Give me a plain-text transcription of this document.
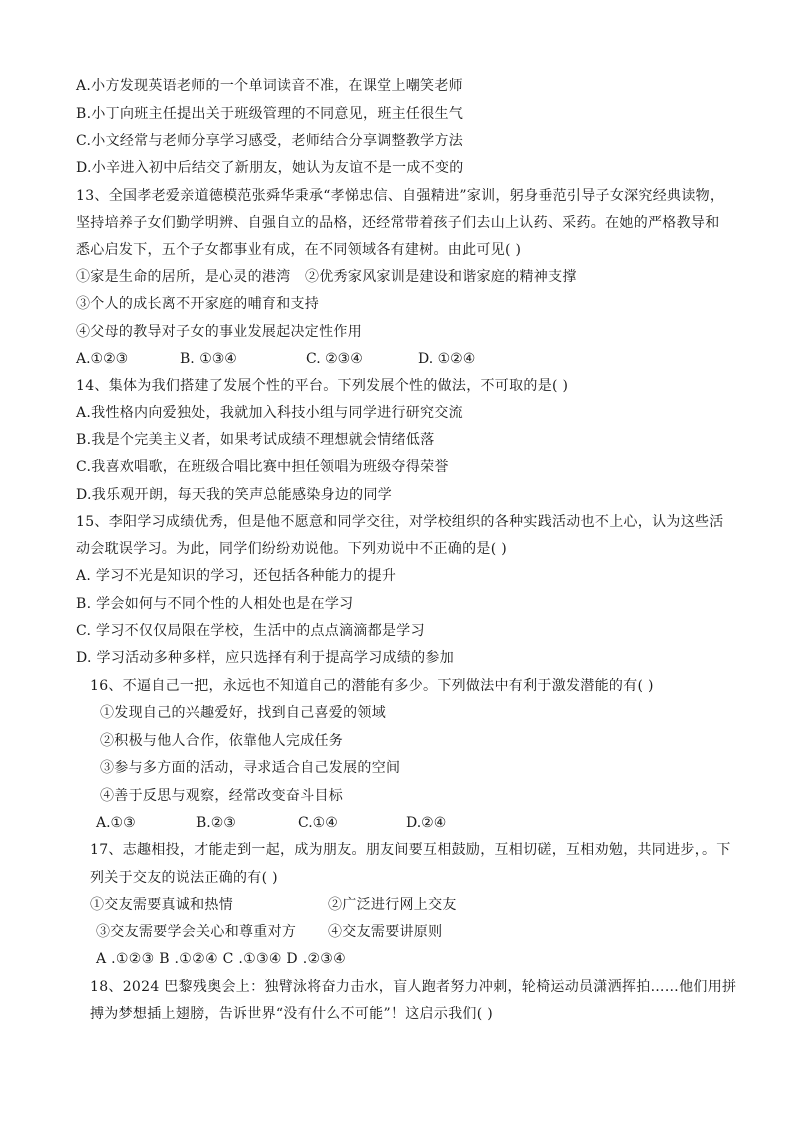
A.小方发现英语老师的一个单词读音不准，在课堂上嘲笑老师
B.小丁向班主任提出关于班级管理的不同意见，班主任很生气
C.小文经常与老师分享学习感受，老师结合分享调整教学方法
D.小辛进入初中后结交了新朋友，她认为友谊不是一成不变的
13、全国孝老爱亲道德模范张舜华秉承“孝悌忠信、自强精进”家训，躬身垂范引导子女深究经典读物，
坚持培养子女们勤学明辨、自强自立的品格，还经常带着孩子们去山上认药、采药。在她的严格教导和
悉心启发下，五个子女都事业有成，在不同领域各有建树。由此可见( )
①家是生命的居所，是心灵的港湾 ②优秀家风家训是建设和谐家庭的精神支撑
③个人的成长离不开家庭的哺育和支持
④父母的教导对子女的事业发展起决定性作用
A.①②③	B. ①③④	C. ②③④	D. ①②④
14、集体为我们搭建了发展个性的平台。下列发展个性的做法，不可取的是( )
A.我性格内向爱独处，我就加入科技小组与同学进行研究交流
B.我是个完美主义者，如果考试成绩不理想就会情绪低落
C.我喜欢唱歌，在班级合唱比赛中担任领唱为班级夺得荣誉
D.我乐观开朗，每天我的笑声总能感染身边的同学
15、李阳学习成绩优秀，但是他不愿意和同学交往，对学校组织的各种实践活动也不上心，认为这些活
动会耽误学习。为此，同学们纷纷劝说他。下列劝说中不正确的是( )
A. 学习不光是知识的学习，还包括各种能力的提升
B. 学会如何与不同个性的人相处也是在学习
C. 学习不仅仅局限在学校，生活中的点点滴滴都是学习
D. 学习活动多种多样，应只选择有利于提高学习成绩的参加
16、不逼自己一把，永远也不知道自己的潜能有多少。下列做法中有利于激发潜能的有( )
①发现自己的兴趣爱好，找到自己喜爱的领域
②积极与他人合作，依靠他人完成任务
③参与多方面的活动，寻求适合自己发展的空间
④善于反思与观察，经常改变奋斗目标
A.①③	B.②③	C.①④	D.②④
17、志趣相投，才能走到一起，成为朋友。朋友间要互相鼓励，互相切磋，互相劝勉，共同进步，。下
列关于交友的说法正确的有( )
①交友需要真诚和热情	②广泛进行网上交友
③交友需要学会关心和尊重对方 ④交友需要讲原则
A .①②③ B .①②④ C .①③④ D .②③④
18、2024 巴黎残奥会上：独臂泳将奋力击水，盲人跑者努力冲刺，轮椅运动员潇洒挥拍……他们用拼
搏为梦想插上翅膀，告诉世界“没有什么不可能”！这启示我们( )
